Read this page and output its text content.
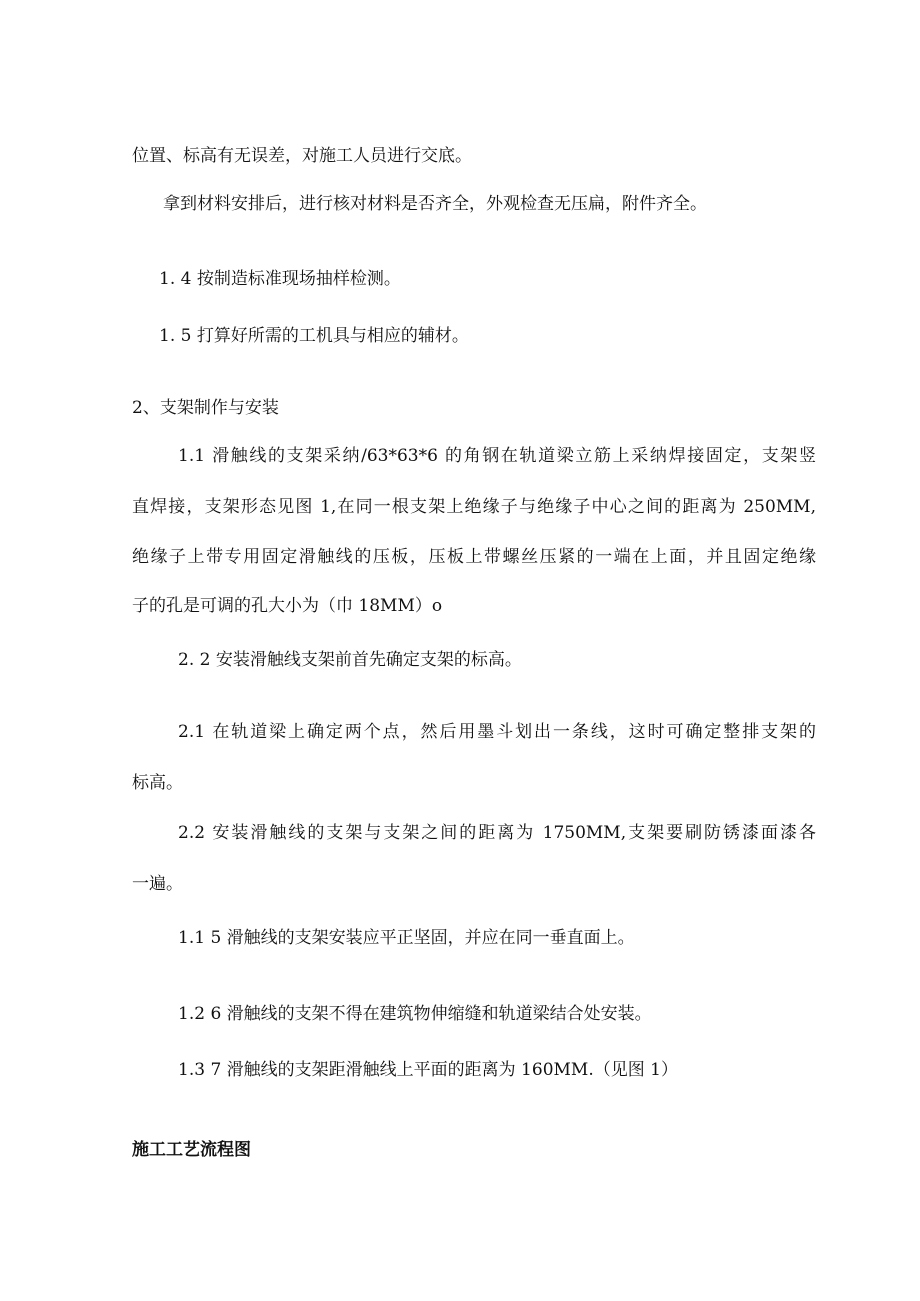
位置、标高有无误差，对施工人员进行交底。
拿到材料安排后，进行核对材料是否齐全，外观检查无压扁，附件齐全。
1. 4 按制造标准现场抽样检测。
1. 5 打算好所需的工机具与相应的辅材。
2、支架制作与安装
1.1 滑触线的支架采纳/63*63*6 的角钢在轨道梁立筋上采纳焊接固定，支架竖
直焊接，支架形态见图 1,在同一根支架上绝缘子与绝缘子中心之间的距离为 250MM,
绝缘子上带专用固定滑触线的压板，压板上带螺丝压紧的一端在上面，并且固定绝缘
子的孔是可调的孔大小为（巾 18MM）o
2. 2 安装滑触线支架前首先确定支架的标高。
2.1 在轨道梁上确定两个点，然后用墨斗划出一条线，这时可确定整排支架的
标高。
2.2 安装滑触线的支架与支架之间的距离为 1750MM,支架要刷防锈漆面漆各
一遍。
1.1 5 滑触线的支架安装应平正坚固，并应在同一垂直面上。
1.2 6 滑触线的支架不得在建筑物伸缩缝和轨道梁结合处安装。
1.3 7 滑触线的支架距滑触线上平面的距离为 160MM.（见图 1）
施工工艺流程图
